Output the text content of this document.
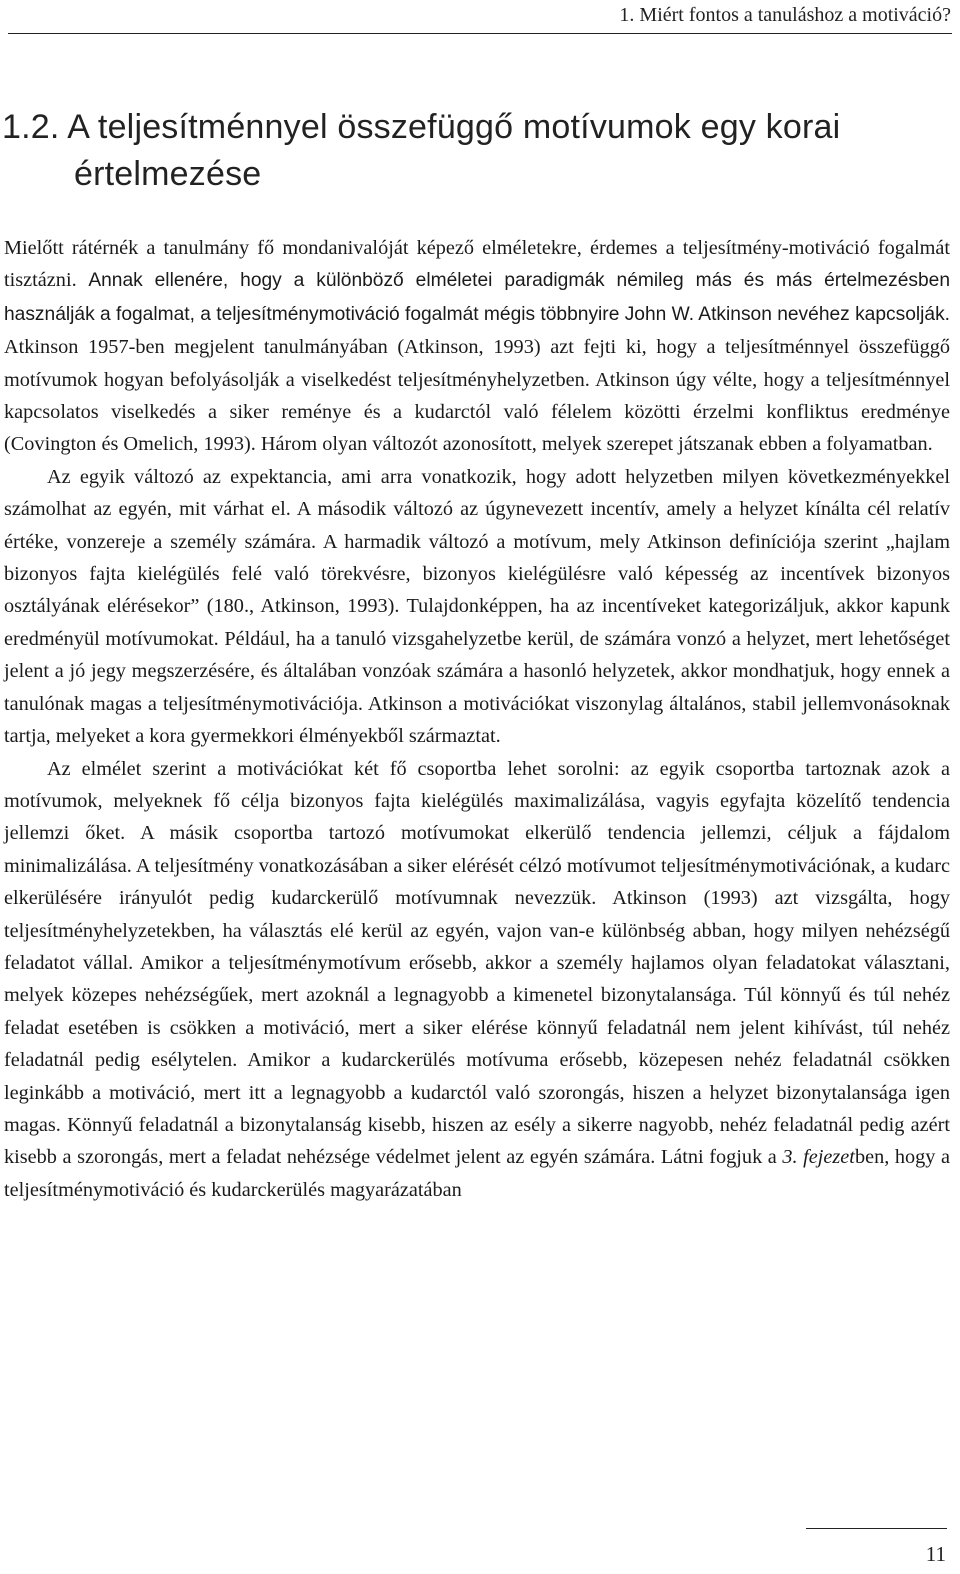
1. Miért fontos a tanuláshoz a motiváció?
1.2. A teljesítménnyel összefüggő motívumok egy korai értelmezése

Mielőtt rátérnék a tanulmány fő mondanivalóját képező elméletekre, érdemes a teljesítmény-motiváció fogalmát tisztázni. Annak ellenére, hogy a különböző elméletei paradigmák némileg más és más értelmezésben használják a fogalmat, a teljesítménymotiváció fogalmát mégis többnyire John W. Atkinson nevéhez kapcsolják. Atkinson 1957-ben megjelent tanulmányában (Atkinson, 1993) azt fejti ki, hogy a teljesítménnyel összefüggő motívumok hogyan befolyásolják a viselkedést teljesítményhelyzetben. Atkinson úgy vélte, hogy a teljesítménnyel kapcsolatos viselkedés a siker reménye és a kudarctól való félelem közötti érzelmi konfliktus eredménye (Covington és Omelich, 1993). Három olyan változót azonosított, melyek szerepet játszanak ebben a folyamatban.

Az egyik változó az expektancia, ami arra vonatkozik, hogy adott helyzetben milyen következményekkel számolhat az egyén, mit várhat el. A második változó az úgynevezett incentív, amely a helyzet kínálta cél relatív értéke, vonzereje a személy számára. A harmadik változó a motívum, mely Atkinson definíciója szerint „hajlam bizonyos fajta kielégülés felé való törekvésre, bizonyos kielégülésre való képesség az incentívek bizonyos osztályának elérésekor” (180., Atkinson, 1993). Tulajdonképpen, ha az incentíveket kategorizáljuk, akkor kapunk eredményül motívumokat. Például, ha a tanuló vizsgahelyzetbe kerül, de számára vonzó a helyzet, mert lehetőséget jelent a jó jegy megszerzésére, és általában vonzóak számára a hasonló helyzetek, akkor mondhatjuk, hogy ennek a tanulónak magas a teljesítménymotivációja. Atkinson a motivációkat viszonylag általános, stabil jellemvonásoknak tartja, melyeket a kora gyermekkori élményekből származtat.

Az elmélet szerint a motivációkat két fő csoportba lehet sorolni: az egyik csoportba tartoznak azok a motívumok, melyeknek fő célja bizonyos fajta kielégülés maximalizálása, vagyis egyfajta közelítő tendencia jellemzi őket. A másik csoportba tartozó motívumokat elkerülő tendencia jellemzi, céljuk a fájdalom minimalizálása. A teljesítmény vonatkozásában a siker elérését célzó motívumot teljesítménymotivációnak, a kudarc elkerülésére irányulót pedig kudarckerülő motívumnak nevezzük. Atkinson (1993) azt vizsgálta, hogy teljesítményhelyzetekben, ha választás elé kerül az egyén, vajon van-e különbség abban, hogy milyen nehézségű feladatot vállal. Amikor a teljesítménymotívum erősebb, akkor a személy hajlamos olyan feladatokat választani, melyek közepes nehézségűek, mert azoknál a legnagyobb a kimenetel bizonytalansága. Túl könnyű és túl nehéz feladat esetében is csökken a motiváció, mert a siker elérése könnyű feladatnál nem jelent kihívást, túl nehéz feladatnál pedig esélytelen. Amikor a kudarckerülés motívuma erősebb, közepesen nehéz feladatnál csökken leginkább a motiváció, mert itt a legnagyobb a kudarctól való szorongás, hiszen a helyzet bizonytalansága igen magas. Könnyű feladatnál a bizonytalanság kisebb, hiszen az esély a sikerre nagyobb, nehéz feladatnál pedig azért kisebb a szorongás, mert a feladat nehézsége védelmet jelent az egyén számára. Látni fogjuk a 3. fejezetben, hogy a teljesítménymotiváció és kudarckerülés magyarázatában

11
